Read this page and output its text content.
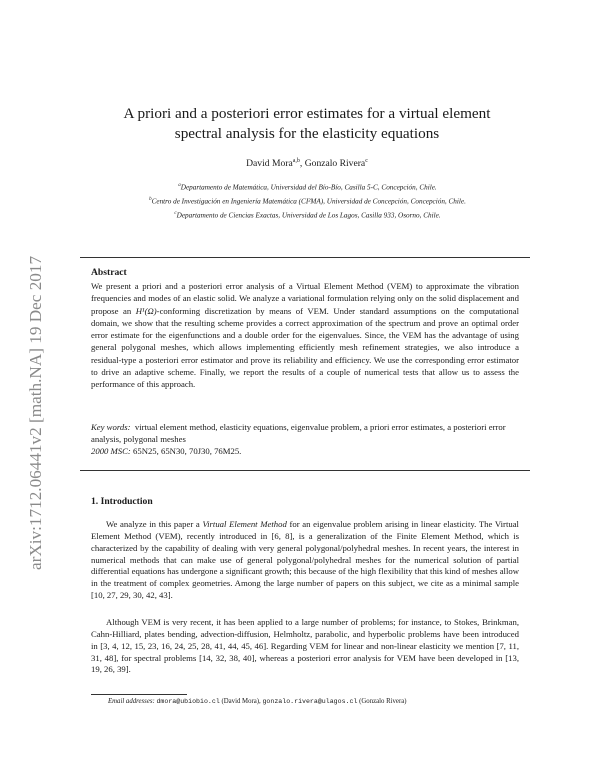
arXiv:1712.06441v2 [math.NA] 19 Dec 2017
A priori and a posteriori error estimates for a virtual element
spectral analysis for the elasticity equations
David Mora$^{a,b}$, Gonzalo Rivera$^c$
$^a$Departamento de Matemática, Universidad del Bío-Bío, Casilla 5-C, Concepción, Chile.
$^b$Centro de Investigación en Ingeniería Matemática (CI²MA), Universidad de Concepción, Concepción, Chile.
$^c$Departamento de Ciencias Exactas, Universidad de Los Lagos, Casilla 933, Osorno, Chile.
Abstract
We present a priori and a posteriori error analysis of a Virtual Element Method (VEM) to approximate the vibration frequencies and modes of an elastic solid. We analyze a variational formulation relying only on the solid displacement and propose an H¹(Ω)-conforming discretization by means of VEM. Under standard assumptions on the computational domain, we show that the resulting scheme provides a correct approximation of the spectrum and prove an optimal order error estimate for the eigenfunctions and a double order for the eigenvalues. Since, the VEM has the advantage of using general polygonal meshes, which allows implementing efficiently mesh refinement strategies, we also introduce a residual-type a posteriori error estimator and prove its reliability and efficiency. We use the corresponding error estimator to drive an adaptive scheme. Finally, we report the results of a couple of numerical tests that allow us to assess the performance of this approach.
Key words: virtual element method, elasticity equations, eigenvalue problem, a priori error estimates, a posteriori error analysis, polygonal meshes
2000 MSC: 65N25, 65N30, 70J30, 76M25.
1. Introduction
We analyze in this paper a Virtual Element Method for an eigenvalue problem arising in linear elasticity. The Virtual Element Method (VEM), recently introduced in [6, 8], is a generalization of the Finite Element Method, which is characterized by the capability of dealing with very general polygonal/polyhedral meshes. In recent years, the interest in numerical methods that can make use of general polygonal/polyhedral meshes for the numerical solution of partial differential equations has undergone a significant growth; this because of the high flexibility that this kind of meshes allow in the treatment of complex geometries. Among the large number of papers on this subject, we cite as a minimal sample [10, 27, 29, 30, 42, 43].
Although VEM is very recent, it has been applied to a large number of problems; for instance, to Stokes, Brinkman, Cahn-Hilliard, plates bending, advection-diffusion, Helmholtz, parabolic, and hyperbolic problems have been introduced in [3, 4, 12, 15, 23, 16, 24, 25, 28, 41, 44, 45, 46]. Regarding VEM for linear and non-linear elasticity we mention [7, 11, 31, 48], for spectral problems [14, 32, 38, 40], whereas a posteriori error analysis for VEM have been developed in [13, 19, 26, 39].
Email addresses: dmora@ubiobio.cl (David Mora), gonzalo.rivera@ulagos.cl (Gonzalo Rivera)
